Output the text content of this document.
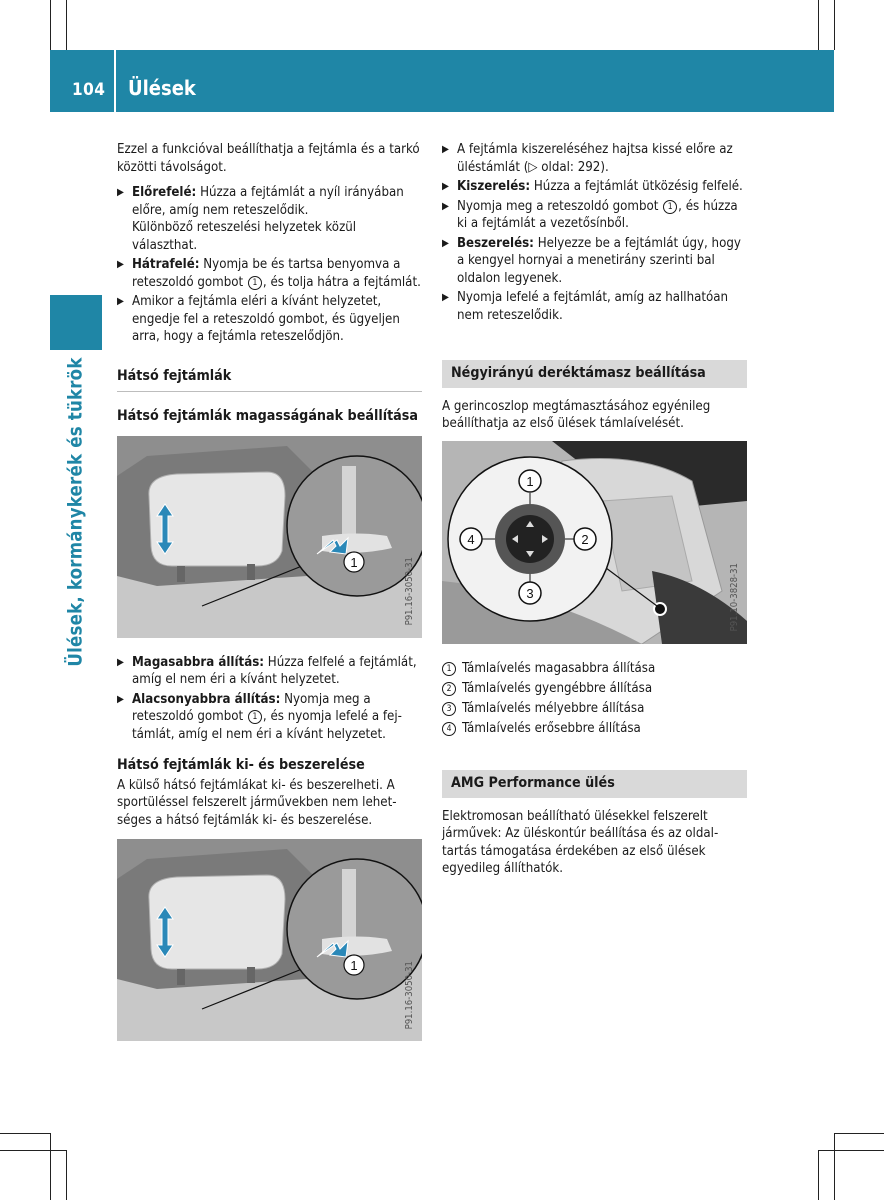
104 Ülések
Ülések, kormánykerék és tükrök

Ezzel a funkcióval beállíthatja a fejtámla és a tarkó közötti távolságot.

▶ Előrefelé: Húzza a fejtámlát a nyíl irányában előre, amíg nem reteszelődik.
Különböző reteszelési helyzetek közül választhat.
▶ Hátrafelé: Nyomja be és tartsa benyomva a reteszoldó gombot 1 , és tolja hátra a fejtámlát.
▶ Amikor a fejtámla eléri a kívánt helyzetet, engedje fel a reteszoldó gombot, és ügyeljen arra, hogy a fejtámla reteszelődjön.
Hátsó fejtámlák
Hátsó fejtámlák magasságának beállítása
1	P91.16-3050-31
▶ Magasabbra állítás: Húzza felfelé a fejtámlát, amíg el nem éri a kívánt helyzetet.
▶ Alacsonyabbra állítás: Nyomja meg a reteszoldó gombot 1 , és nyomja lefelé a fejtámlát, amíg el nem éri a kívánt helyzetet.
Hátsó fejtámlák ki- és beszerelése

A külső hátsó fejtámlákat ki- és beszerelheti. A sportüléssel felszerelt járművekben nem lehetséges a hátsó fejtámlák ki- és beszerelése.

1	P91.16-3050-31
▶ A fejtámla kiszereléséhez hajtsa kissé előre az üléstámlát (▷ oldal: 292).
▶ Kiszerelés: Húzza a fejtámlát ütközésig felfelé.
▶ Nyomja meg a reteszoldó gombot 1 , és húzza ki a fejtámlát a vezetősínből.
▶ Beszerelés: Helyezze be a fejtámlát úgy, hogy a kengyel hornyai a menetirány szerinti bal oldalon legyenek.
▶ Nyomja lefelé a fejtámlát, amíg az hallhatóan nem reteszelődik.
Négyirányú deréktámasz beállítása

A gerincoszlop megtámasztásához egyénileg beállíthatja az első ülések támlaívelését.

1
2
3
4
P91.10-3828-31
1 Támlaívelés magasabbra állítása
2 Támlaívelés gyengébbre állítása
3 Támlaívelés mélyebbre állítása
4 Támlaívelés erősebbre állítása
AMG Performance ülés

Elektromosan beállítható ülésekkel felszerelt járművek: Az üléskontúr beállítása és az oldaltartás támogatása érdekében az első ülések egyedileg állíthatók.
